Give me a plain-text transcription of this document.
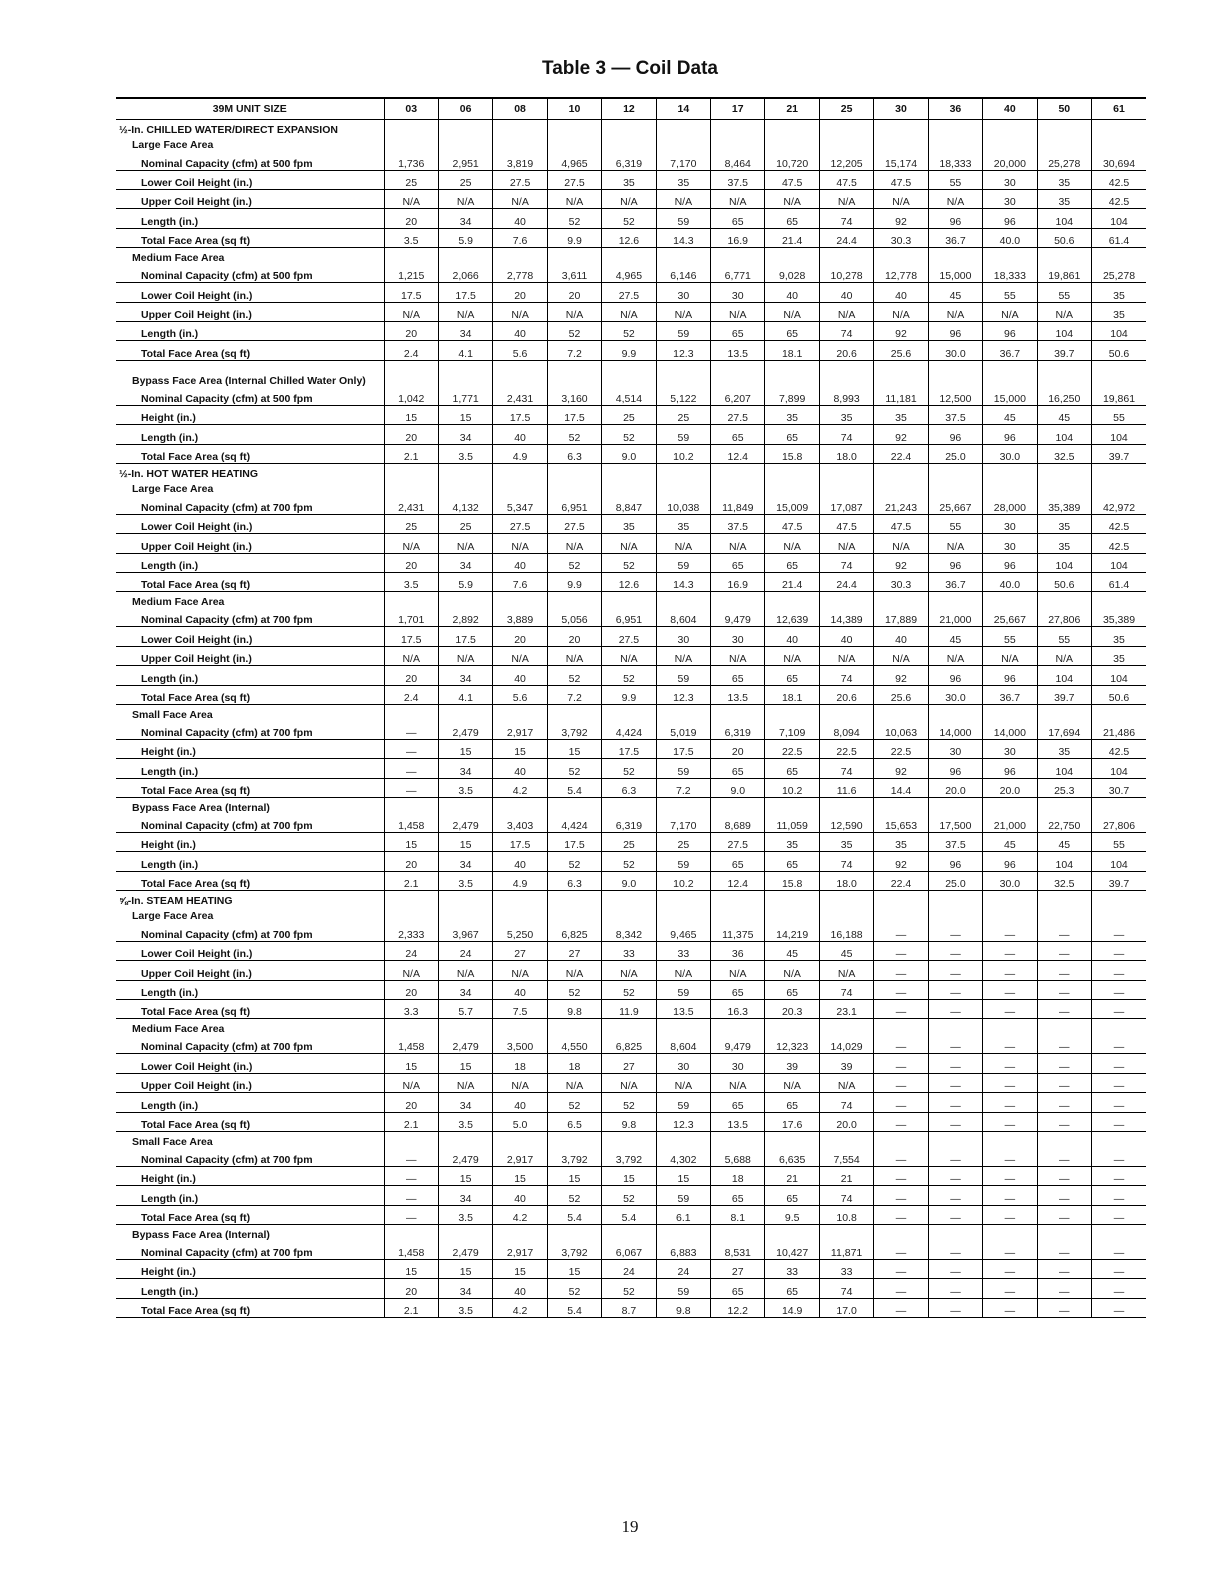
Table 3 — Coil Data
39M UNIT SIZE	03	06	08	10	12	14	17	21	25	30	36	40	50	61
½-In. CHILLED WATER/DIRECT EXPANSION														
Large Face Area														
Nominal Capacity (cfm) at 500 fpm	1,736	2,951	3,819	4,965	6,319	7,170	8,464	10,720	12,205	15,174	18,333	20,000	25,278	30,694
Lower Coil Height (in.)	25	25	27.5	27.5	35	35	37.5	47.5	47.5	47.5	55	30	35	42.5
Upper Coil Height (in.)	N/A	N/A	N/A	N/A	N/A	N/A	N/A	N/A	N/A	N/A	N/A	30	35	42.5
Length (in.)	20	34	40	52	52	59	65	65	74	92	96	96	104	104
Total Face Area (sq ft)	3.5	5.9	7.6	9.9	12.6	14.3	16.9	21.4	24.4	30.3	36.7	40.0	50.6	61.4
Medium Face Area														
Nominal Capacity (cfm) at 500 fpm	1,215	2,066	2,778	3,611	4,965	6,146	6,771	9,028	10,278	12,778	15,000	18,333	19,861	25,278
Lower Coil Height (in.)	17.5	17.5	20	20	27.5	30	30	40	40	40	45	55	55	35
Upper Coil Height (in.)	N/A	N/A	N/A	N/A	N/A	N/A	N/A	N/A	N/A	N/A	N/A	N/A	N/A	35
Length (in.)	20	34	40	52	52	59	65	65	74	92	96	96	104	104
Total Face Area (sq ft)	2.4	4.1	5.6	7.2	9.9	12.3	13.5	18.1	20.6	25.6	30.0	36.7	39.7	50.6
Bypass Face Area (Internal Chilled Water Only)														
Nominal Capacity (cfm) at 500 fpm	1,042	1,771	2,431	3,160	4,514	5,122	6,207	7,899	8,993	11,181	12,500	15,000	16,250	19,861
Height (in.)	15	15	17.5	17.5	25	25	27.5	35	35	35	37.5	45	45	55
Length (in.)	20	34	40	52	52	59	65	65	74	92	96	96	104	104
Total Face Area (sq ft)	2.1	3.5	4.9	6.3	9.0	10.2	12.4	15.8	18.0	22.4	25.0	30.0	32.5	39.7
½-In. HOT WATER HEATING														
Large Face Area														
Nominal Capacity (cfm) at 700 fpm	2,431	4,132	5,347	6,951	8,847	10,038	11,849	15,009	17,087	21,243	25,667	28,000	35,389	42,972
Lower Coil Height (in.)	25	25	27.5	27.5	35	35	37.5	47.5	47.5	47.5	55	30	35	42.5
Upper Coil Height (in.)	N/A	N/A	N/A	N/A	N/A	N/A	N/A	N/A	N/A	N/A	N/A	30	35	42.5
Length (in.)	20	34	40	52	52	59	65	65	74	92	96	96	104	104
Total Face Area (sq ft)	3.5	5.9	7.6	9.9	12.6	14.3	16.9	21.4	24.4	30.3	36.7	40.0	50.6	61.4
Medium Face Area														
Nominal Capacity (cfm) at 700 fpm	1,701	2,892	3,889	5,056	6,951	8,604	9,479	12,639	14,389	17,889	21,000	25,667	27,806	35,389
Lower Coil Height (in.)	17.5	17.5	20	20	27.5	30	30	40	40	40	45	55	55	35
Upper Coil Height (in.)	N/A	N/A	N/A	N/A	N/A	N/A	N/A	N/A	N/A	N/A	N/A	N/A	N/A	35
Length (in.)	20	34	40	52	52	59	65	65	74	92	96	96	104	104
Total Face Area (sq ft)	2.4	4.1	5.6	7.2	9.9	12.3	13.5	18.1	20.6	25.6	30.0	36.7	39.7	50.6
Small Face Area														
Nominal Capacity (cfm) at 700 fpm	—	2,479	2,917	3,792	4,424	5,019	6,319	7,109	8,094	10,063	14,000	14,000	17,694	21,486
Height (in.)	—	15	15	15	17.5	17.5	20	22.5	22.5	22.5	30	30	35	42.5
Length (in.)	—	34	40	52	52	59	65	65	74	92	96	96	104	104
Total Face Area (sq ft)	—	3.5	4.2	5.4	6.3	7.2	9.0	10.2	11.6	14.4	20.0	20.0	25.3	30.7
Bypass Face Area (Internal)														
Nominal Capacity (cfm) at 700 fpm	1,458	2,479	3,403	4,424	6,319	7,170	8,689	11,059	12,590	15,653	17,500	21,000	22,750	27,806
Height (in.)	15	15	17.5	17.5	25	25	27.5	35	35	35	37.5	45	45	55
Length (in.)	20	34	40	52	52	59	65	65	74	92	96	96	104	104
Total Face Area (sq ft)	2.1	3.5	4.9	6.3	9.0	10.2	12.4	15.8	18.0	22.4	25.0	30.0	32.5	39.7
⅝-In. STEAM HEATING														
Large Face Area														
Nominal Capacity (cfm) at 700 fpm	2,333	3,967	5,250	6,825	8,342	9,465	11,375	14,219	16,188	—	—	—	—	—
Lower Coil Height (in.)	24	24	27	27	33	33	36	45	45	—	—	—	—	—
Upper Coil Height (in.)	N/A	N/A	N/A	N/A	N/A	N/A	N/A	N/A	N/A	—	—	—	—	—
Length (in.)	20	34	40	52	52	59	65	65	74	—	—	—	—	—
Total Face Area (sq ft)	3.3	5.7	7.5	9.8	11.9	13.5	16.3	20.3	23.1	—	—	—	—	—
Medium Face Area														
Nominal Capacity (cfm) at 700 fpm	1,458	2,479	3,500	4,550	6,825	8,604	9,479	12,323	14,029	—	—	—	—	—
Lower Coil Height (in.)	15	15	18	18	27	30	30	39	39	—	—	—	—	—
Upper Coil Height (in.)	N/A	N/A	N/A	N/A	N/A	N/A	N/A	N/A	N/A	—	—	—	—	—
Length (in.)	20	34	40	52	52	59	65	65	74	—	—	—	—	—
Total Face Area (sq ft)	2.1	3.5	5.0	6.5	9.8	12.3	13.5	17.6	20.0	—	—	—	—	—
Small Face Area														
Nominal Capacity (cfm) at 700 fpm	—	2,479	2,917	3,792	3,792	4,302	5,688	6,635	7,554	—	—	—	—	—
Height (in.)	—	15	15	15	15	15	18	21	21	—	—	—	—	—
Length (in.)	—	34	40	52	52	59	65	65	74	—	—	—	—	—
Total Face Area (sq ft)	—	3.5	4.2	5.4	5.4	6.1	8.1	9.5	10.8	—	—	—	—	—
Bypass Face Area (Internal)														
Nominal Capacity (cfm) at 700 fpm	1,458	2,479	2,917	3,792	6,067	6,883	8,531	10,427	11,871	—	—	—	—	—
Height (in.)	15	15	15	15	24	24	27	33	33	—	—	—	—	—
Length (in.)	20	34	40	52	52	59	65	65	74	—	—	—	—	—
Total Face Area (sq ft)	2.1	3.5	4.2	5.4	8.7	9.8	12.2	14.9	17.0	—	—	—	—	—
19
